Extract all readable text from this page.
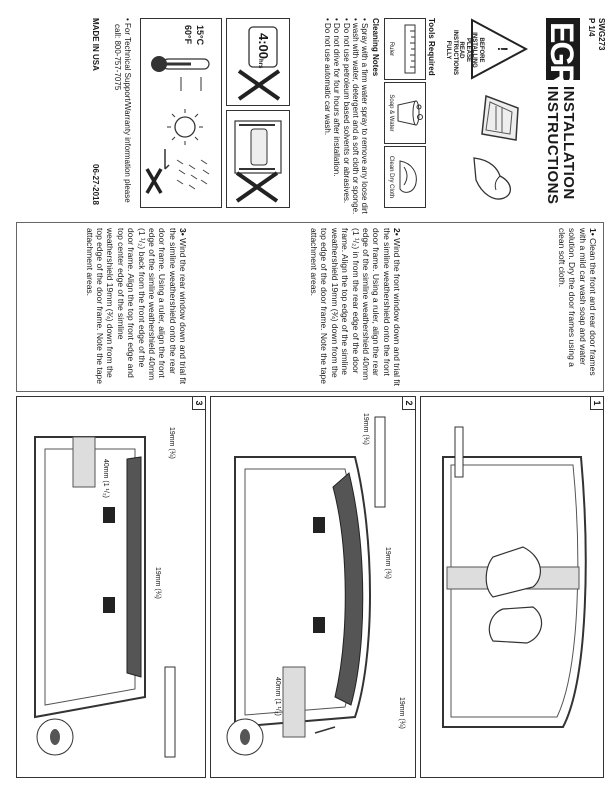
SWG273
P 1/4
EGR
INSTALLATION
INSTRUCTIONS
!
BEFORE INSTALLING PLEASE READ INSTRUCTIONS FULLY
Tools Required
Ruler
Soap & Water
Clean Dry Cloth
Cleaning Notes
• Spray with a firm water spray to remove any loose dirt
• wash with water, detergent and a soft cloth or sponge.
• Do not use petroleum based solvents or abrasives.
• Do not drive for four hours after installation.
• Do not use automatic car wash.
4:00hrs
15°C
60°F
• For Technical Support/Warranty information please
call: 800-757-7075
MADE IN USA
06-27-2018
1• Clean the front and rear door frames with a mild car wash soap and water solution. Dry the door frames using a clean soft cloth.
2• Wind the front window down and trial fit the simline weathershield onto the front door frame. Using a ruler, align the rear edge of the simline weathershield 40mm (1 ¹/₂) in from the rear edge of the door frame. Align the top edge of the simline weathershield 19mm (¾) down from the top edge of the door frame. Note the tape attachment areas.
3• Wind the rear window down and trial fit the simline weathershield onto the rear door frame. Using a ruler, align the front edge of the simline weathershield 40mm (1 ¹/₂) back from the front edge of the door frame. Align the top front edge and top center edge of the simline weathershield 19mm (¾) down from the top edge of the door frame. Note the tape attachment areas.
1
2
19mm (¾)
19mm (¾)
19mm (¾)
40mm (1 ¹/₂)
3
19mm (¾)
40mm (1 ¹/₂)
19mm (¾)
